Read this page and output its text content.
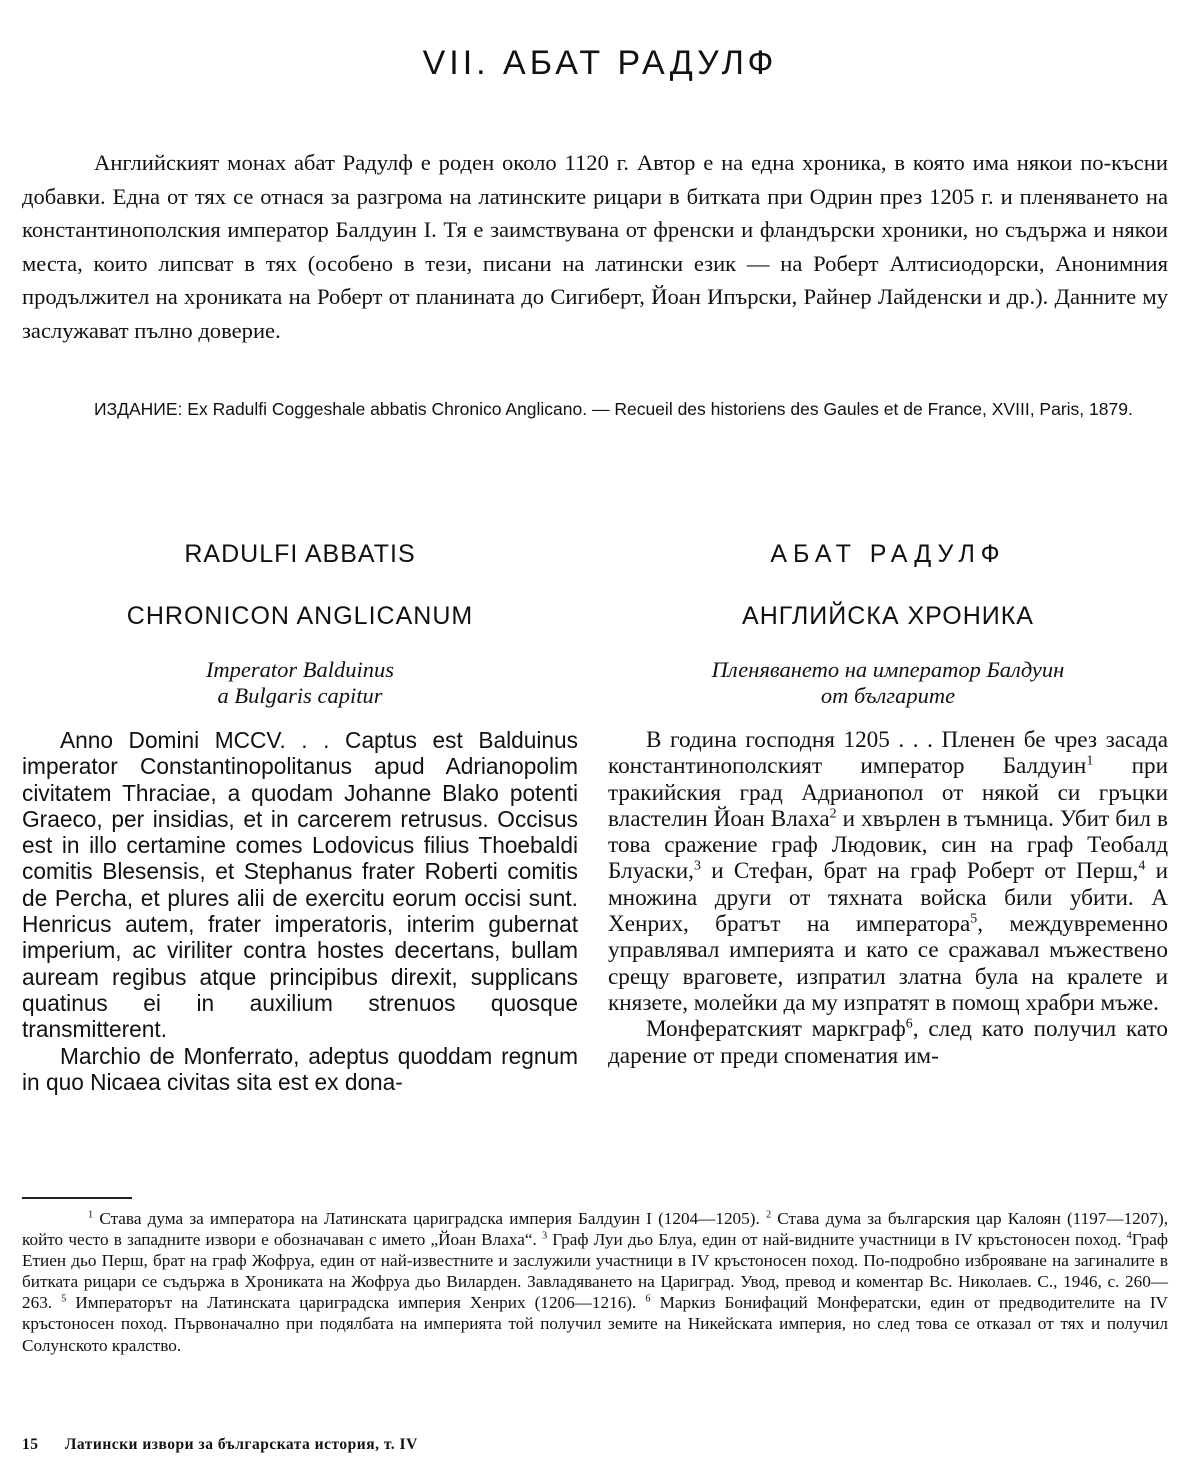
VII. АБАТ РАДУЛФ

Английският монах абат Радулф е роден около 1120 г. Автор е на една хроника, в която има някои по-късни добавки. Една от тях се отнася за разгрома на латинските рицари в битката при Одрин през 1205 г. и пленяването на константинополския император Балдуин I. Тя е заимствувана от френски и фландърски хроники, но съдържа и някои места, които липсват в тях (особено в тези, писани на латински език — на Роберт Алтисиодорски, Анонимния продължител на хрониката на Роберт от планината до Сигиберт, Йоан Ипърски, Райнер Лайденски и др.). Данните му заслужават пълно доверие.

ИЗДАНИЕ: Ex Radulfi Coggeshale abbatis Chronico Anglicano. — Recueil des historiens des Gaules et de France, XVIII, Paris, 1879.

RADULFI ABBATIS
CHRONICON ANGLICANUM
Imperator Balduinus
a Bulgaris capitur

Anno Domini MCCV. . . Captus est Balduinus imperator Constantinopolitanus apud Adrianopolim civitatem Thraciae, a quodam Johanne Blako potenti Graeco, per insidias, et in carcerem retrusus. Occisus est in illo certamine comes Lodovicus filius Thoebaldi comitis Blesensis, et Stephanus frater Roberti comitis de Percha, et plures alii de exercitu eorum occisi sunt. Henricus autem, frater imperatoris, interim gubernat imperium, ac viriliter contra hostes decertans, bullam auream regibus atque principibus direxit, supplicans quatinus ei in auxilium strenuos quosque transmitterent.

Marchio de Monferrato, adeptus quoddam regnum in quo Nicaea civitas sita est ex dona-

АБАТ РАДУЛФ
АНГЛИЙСКА ХРОНИКА
Пленяването на император Балдуин
от българите

В година господня 1205 . . . Пленен бе чрез засада константинополският император Балдуин$^1$ при тракийския град Адрианопол от някой си гръцки властелин Йоан Влаха$^2$ и хвърлен в тъмница. Убит бил в това сражение граф Людовик, син на граф Теобалд Блуаски,$^3$ и Стефан, брат на граф Роберт от Перш,$^4$ и множина други от тяхната войска били убити. А Хенрих, братът на императора$^5$, междувременно управлявал империята и като се сражавал мъжествено срещу враговете, изпратил златна була на кралете и князете, молейки да му изпратят в помощ храбри мъже.

Монфератският маркграф$^6$, след като получил като дарение от преди споменатия им-

$^1$ Става дума за императора на Латинската цариградска империя Балдуин I (1204—1205). $^2$ Става дума за българския цар Калоян (1197—1207), който често в западните извори е обозначаван с името „Йоан Влаха“. $^3$ Граф Луи дьо Блуа, един от най-видните участници в IV кръстоносен поход. $^4$Граф Етиен дьо Перш, брат на граф Жофруа, един от най-известните и заслужили участници в IV кръстоносен поход. По-подробно изброяване на загиналите в битката рицари се съдържа в Хрониката на Жофруа дьо Виларден. Завладяването на Цариград. Увод, превод и коментар Вс. Николаев. С., 1946, с. 260—263. $^5$ Императорът на Латинската цариградска империя Хенрих (1206—1216). $^6$ Маркиз Бонифаций Монфератски, един от предводителите на IV кръстоносен поход. Първоначално при подялбата на империята той получил земите на Никейската империя, но след това се отказал от тях и получил Солунското кралство.

15 Латински извори за българската история, т. IV
